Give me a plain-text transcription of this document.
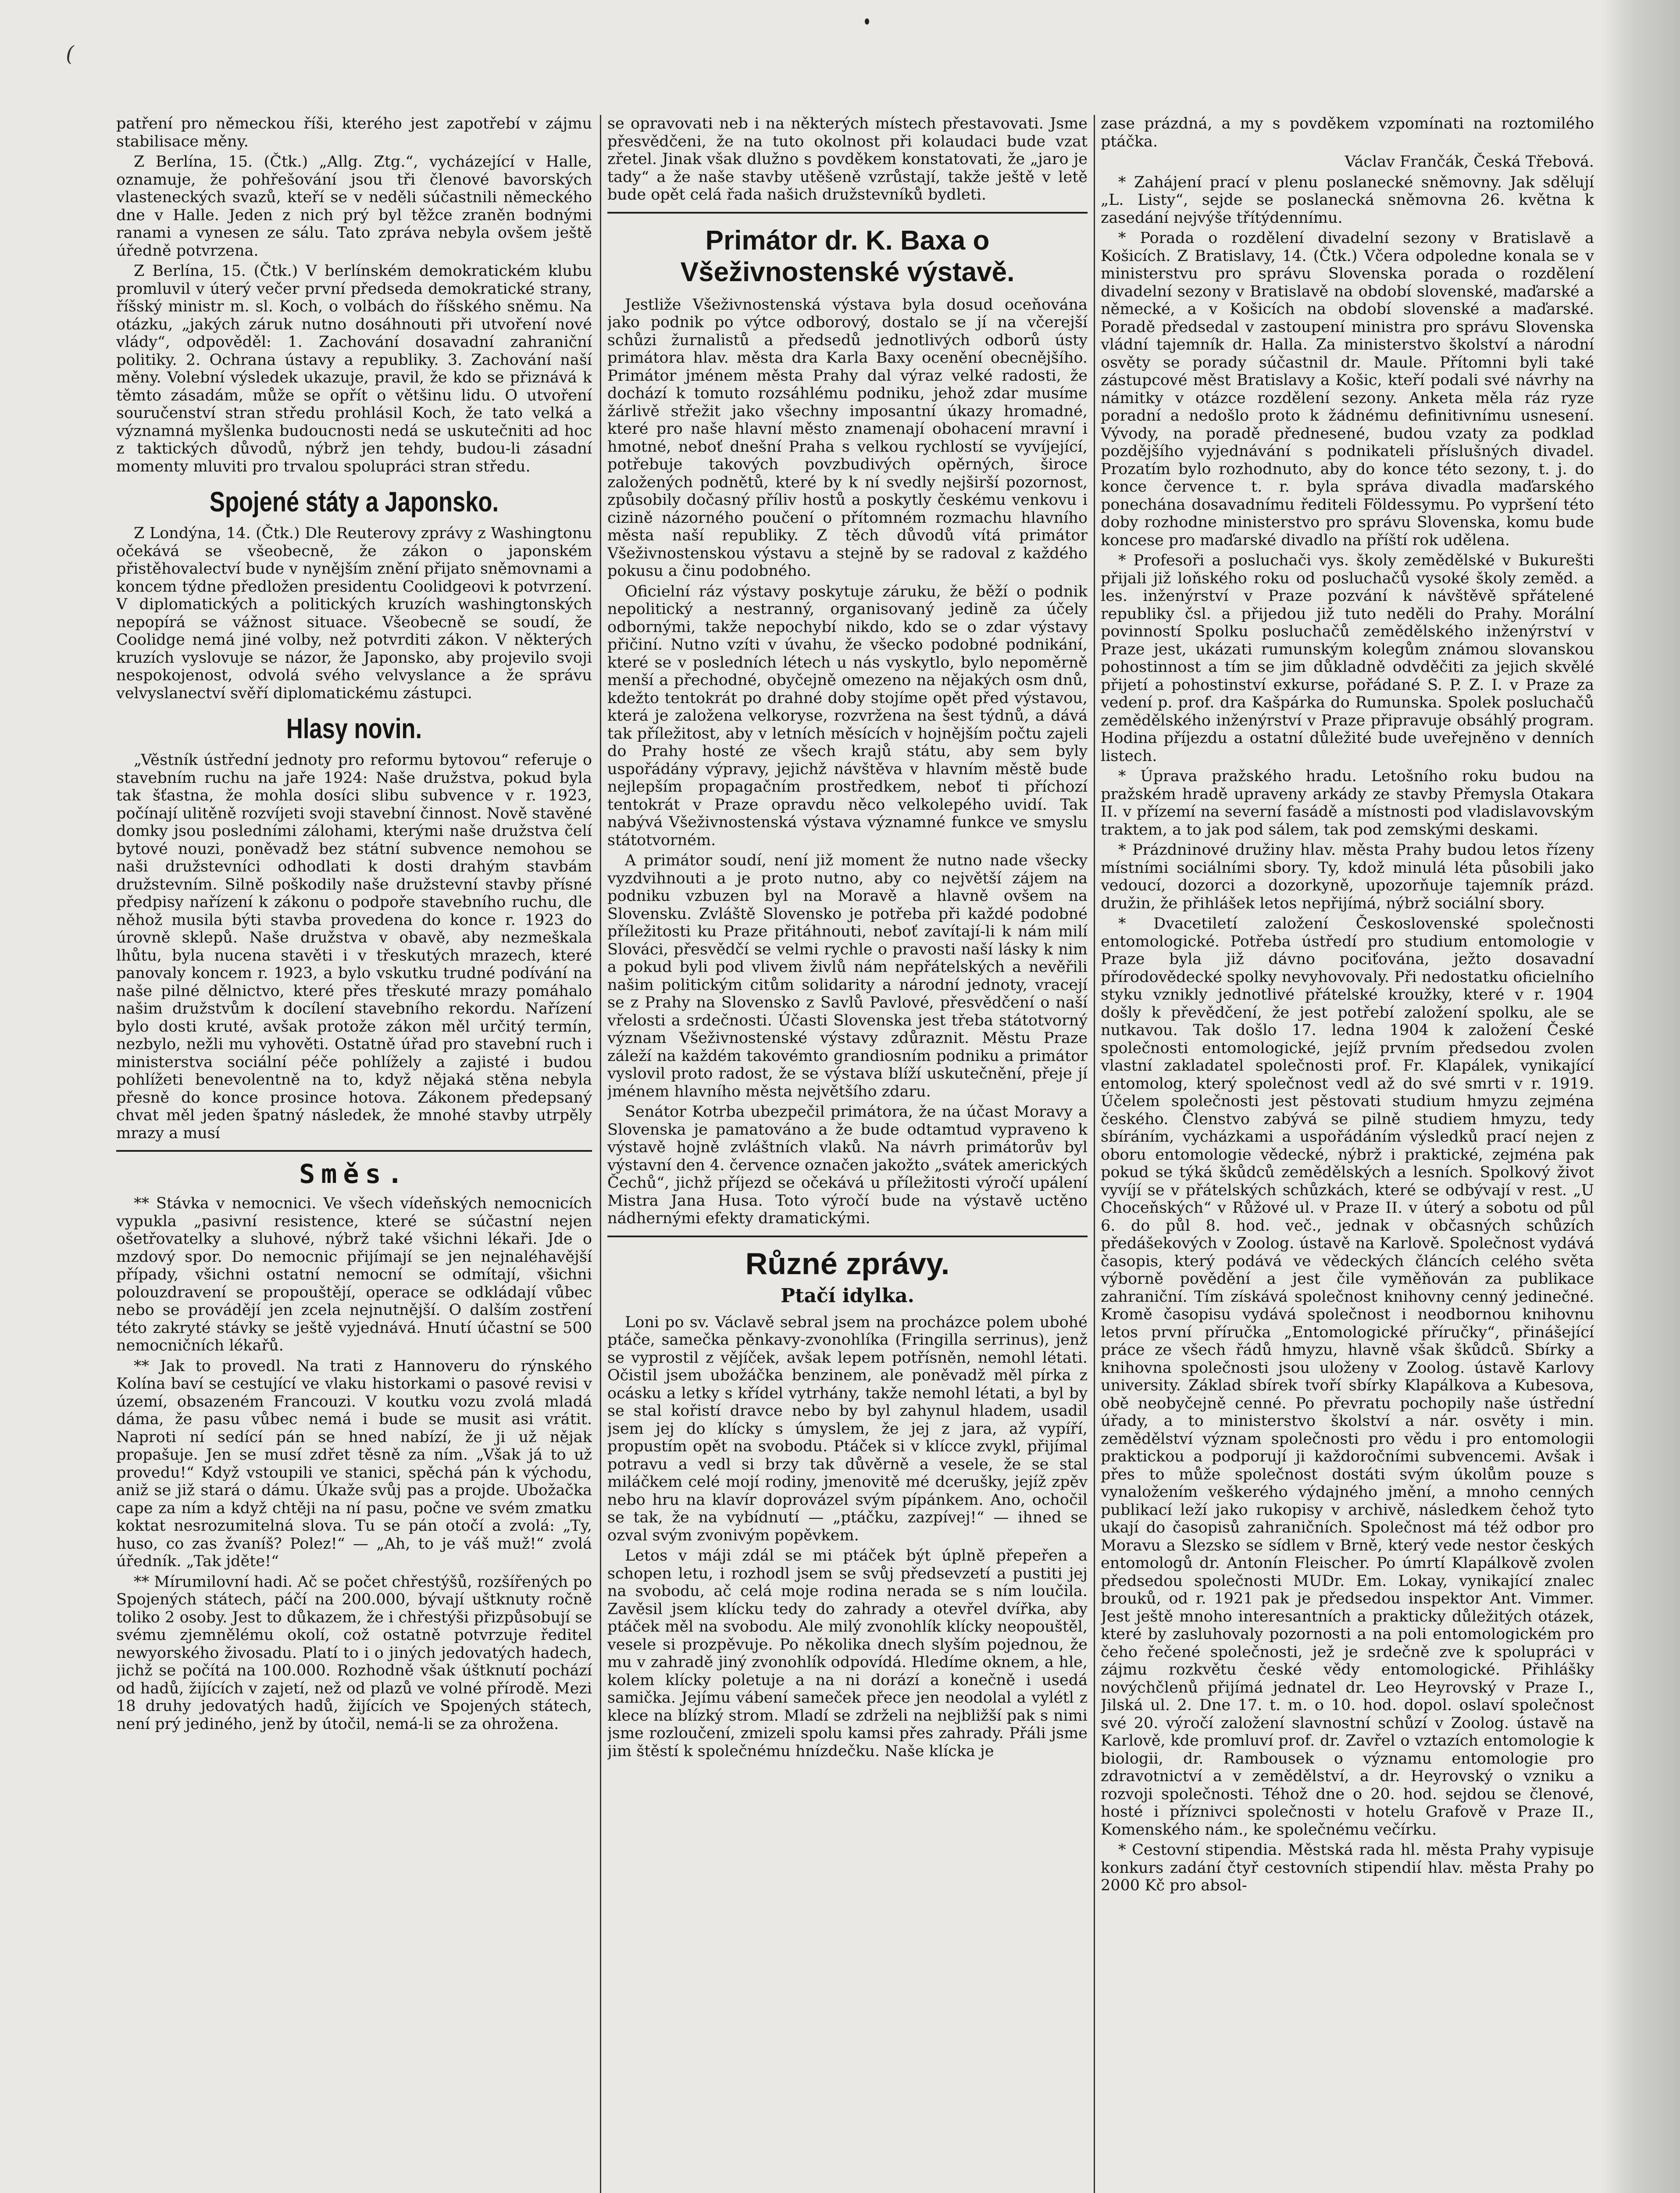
(

patření pro německou říši, kterého jest zapotřebí v zájmu stabilisace měny.

Z Berlína, 15. (Čtk.) „Allg. Ztg.“, vycházející v Halle, oznamuje, že pohřešování jsou tři členové bavorských vlasteneckých svazů, kteří se v neděli súčastnili německého dne v Halle. Jeden z nich prý byl těžce zraněn bodnými ranami a vynesen ze sálu. Tato zpráva nebyla ovšem ještě úředně potvrzena.

Z Berlína, 15. (Čtk.) V berlínském demokratickém klubu promluvil v úterý večer první předseda demokratické strany, říšský ministr m. sl. Koch, o volbách do říšského sněmu. Na otázku, „jakých záruk nutno dosáhnouti při utvoření nové vlády“, odpověděl: 1. Zachování dosavadní zahraniční politiky. 2. Ochrana ústavy a republiky. 3. Zachování naší měny. Volební výsledek ukazuje, pravil, že kdo se přiznává k těmto zásadám, může se opřít o většinu lidu. O utvoření souručenství stran středu prohlásil Koch, že tato velká a významná myšlenka budoucnosti nedá se uskutečniti ad hoc z taktických důvodů, nýbrž jen tehdy, budou-li zásadní momenty mluviti pro trvalou spolupráci stran středu.

Spojené státy a Japonsko.

Z Londýna, 14. (Čtk.) Dle Reuterovy zprávy z Washingtonu očekává se všeobecně, že zákon o japonském přistěhovalectví bude v nynějším znění přijato sněmovnami a koncem týdne předložen presidentu Coolidgeovi k potvrzení. V diplomatických a politických kruzích washingtonských nepopírá se vážnost situace. Všeobecně se soudí, že Coolidge nemá jiné volby, než potvrditi zákon. V některých kruzích vyslovuje se názor, že Japonsko, aby projevilo svoji nespokojenost, odvolá svého velvyslance a že správu velvyslanectví svěří diplomatickému zástupci.

Hlasy novin.

„Věstník ústřední jednoty pro reformu bytovou“ referuje o stavebním ruchu na jaře 1924: Naše družstva, pokud byla tak šťastna, že mohla dosíci slibu subvence v r. 1923, počínají ulitěně rozvíjeti svoji stavební činnost. Nově stavěné domky jsou posledními zálohami, kterými naše družstva čelí bytové nouzi, poněvadž bez státní subvence nemohou se naši družstevníci odhodlati k dosti drahým stavbám družstevním. Silně poškodily naše družstevní stavby přísné předpisy nařízení k zákonu o podpoře stavebního ruchu, dle něhož musila býti stavba provedena do konce r. 1923 do úrovně sklepů. Naše družstva v obavě, aby nezmeškala lhůtu, byla nucena stavěti i v třeskutých mrazech, které panovaly koncem r. 1923, a bylo vskutku trudné podívání na naše pilné dělnictvo, které přes třeskuté mrazy pomáhalo našim družstvům k docílení stavebního rekordu. Nařízení bylo dosti kruté, avšak protože zákon měl určitý termín, nezbylo, nežli mu vyhověti. Ostatně úřad pro stavební ruch i ministerstva sociální péče pohlížely a zajisté i budou pohlížeti benevolentně na to, když nějaká stěna nebyla přesně do konce prosince hotova. Zákonem předepsaný chvat měl jeden špatný následek, že mnohé stavby utrpěly mrazy a musí

Směs.

** Stávka v nemocnici. Ve všech vídeňských nemocnicích vypukla „pasivní resistence, které se súčastní nejen ošetřovatelky a sluhové, nýbrž také všichni lékaři. Jde o mzdový spor. Do nemocnic přijímají se jen nejnaléhavější případy, všichni ostatní nemocní se odmítají, všichni polouzdravení se propouštějí, operace se odkládají vůbec nebo se provádějí jen zcela nejnutnější. O dalším zostření této zakryté stávky se ještě vyjednává. Hnutí účastní se 500 nemocničních lékařů.

** Jak to provedl. Na trati z Hannoveru do rýnského Kolína baví se cestující ve vlaku historkami o pasové revisi v území, obsazeném Francouzi. V koutku vozu zvolá mladá dáma, že pasu vůbec nemá i bude se musit asi vrátit. Naproti ní sedící pán se hned nabízí, že ji už nějak propašuje. Jen se musí zdřet těsně za ním. „Však já to už provedu!“ Když vstoupili ve stanici, spěchá pán k východu, aniž se již stará o dámu. Úkaže svůj pas a projde. Ubožačka cape za ním a když chtěji na ní pasu, počne ve svém zmatku koktat nesrozumitelná slova. Tu se pán otočí a zvolá: „Ty, huso, co zas žvaníš? Polez!“ — „Ah, to je váš muž!“ zvolá úředník. „Tak jděte!“

** Mírumilovní hadi. Ač se počet chřestýšů, rozšířených po Spojených státech, páčí na 200.000, bývají uštknuty ročně toliko 2 osoby. Jest to důkazem, že i chřestýši přizpůsobují se svému zjemnělému okolí, což ostatně potvrzuje ředitel newyorského živosadu. Platí to i o jiných jedovatých hadech, jichž se počítá na 100.000. Rozhodně však úštknutí pochází od hadů, žijících v zajetí, než od plazů ve volné přírodě. Mezi 18 druhy jedovatých hadů, žijících ve Spojených státech, není prý jediného, jenž by útočil, nemá-li se za ohrožena.

se opravovati neb i na některých místech přestavovati. Jsme přesvědčeni, že na tuto okolnost při kolaudaci bude vzat zřetel. Jinak však dlužno s povděkem konstatovati, že „jaro je tady“ a že naše stavby utěšeně vzrůstají, takže ještě v letě bude opět celá řada našich družstevníků bydleti.

Primátor dr. K. Baxa o Všeživnostenské výstavě.

Jestliže Všeživnostenská výstava byla dosud oceňována jako podnik po výtce odborový, dostalo se jí na včerejší schůzi žurnalistů a předsedů jednotlivých odborů ústy primátora hlav. města dra Karla Baxy ocenění obecnějšího. Primátor jménem města Prahy dal výraz velké radosti, že dochází k tomuto rozsáhlému podniku, jehož zdar musíme žárlivě střežit jako všechny imposantní úkazy hromadné, které pro naše hlavní město znamenají obohacení mravní i hmotné, neboť dnešní Praha s velkou rychlostí se vyvíjející, potřebuje takových povzbudivých opěrných, široce založených podnětů, které by k ní svedly nejširší pozornost, způsobily dočasný příliv hostů a poskytly českému venkovu i cizině názorného poučení o přítomném rozmachu hlavního města naší republiky. Z těch důvodů vítá primátor Všeživnostenskou výstavu a stejně by se radoval z každého pokusu a činu podobného.

Oficielní ráz výstavy poskytuje záruku, že běží o podnik nepolitický a nestranný, organisovaný jedině za účely odbornými, takže nepochybí nikdo, kdo se o zdar výstavy přičiní. Nutno vzíti v úvahu, že všecko podobné podnikání, které se v posledních létech u nás vyskytlo, bylo nepoměrně menší a přechodné, obyčejně omezeno na nějakých osm dnů, kdežto tentokrát po drahné doby stojíme opět před výstavou, která je založena velkoryse, rozvržena na šest týdnů, a dává tak příležitost, aby v letních měsících v hojnějším počtu zajeli do Prahy hosté ze všech krajů státu, aby sem byly uspořádány výpravy, jejichž návštěva v hlavním městě bude nejlepším propagačním prostředkem, neboť ti příchozí tentokrát v Praze opravdu něco velkolepého uvidí. Tak nabývá Všeživnostenská výstava významné funkce ve smyslu státotvorném.

A primátor soudí, není již moment že nutno nade všecky vyzdvihnouti a je proto nutno, aby co největší zájem na podniku vzbuzen byl na Moravě a hlavně ovšem na Slovensku. Zvláště Slovensko je potřeba při každé podobné příležitosti ku Praze přitáhnouti, neboť zavítají-li k nám milí Slováci, přesvědčí se velmi rychle o pravosti naší lásky k nim a pokud byli pod vlivem živlů nám nepřátelských a nevěřili našim politickým citům solidarity a národní jednoty, vracejí se z Prahy na Slovensko z Savlů Pavlové, přesvědčení o naší vřelosti a srdečnosti. Účasti Slovenska jest třeba státotvorný význam Všeživnostenské výstavy zdůraznit. Městu Praze záleží na každém takovémto grandiosním podniku a primátor vyslovil proto radost, že se výstava blíží uskutečnění, přeje jí jménem hlavního města největšího zdaru.

Senátor Kotrba ubezpečil primátora, že na účast Moravy a Slovenska je pamatováno a že bude odtamtud vypraveno k výstavě hojně zvláštních vlaků. Na návrh primátorův byl výstavní den 4. července označen jakožto „svátek amerických Čechů“, jichž příjezd se očekává u příležitosti výročí upálení Mistra Jana Husa. Toto výročí bude na výstavě uctěno nádhernými efekty dramatickými.

Různé zprávy.
Ptačí idylka.

Loni po sv. Václavě sebral jsem na procházce polem ubohé ptáče, samečka pěnkavy-zvonohlíka (Fringilla serrinus), jenž se vyprostil z vějíček, avšak lepem potřísněn, nemohl létati. Očistil jsem ubožáčka benzinem, ale poněvadž měl pírka z ocásku a letky s křídel vytrhány, takže nemohl létati, a byl by se stal kořistí dravce nebo by byl zahynul hladem, usadil jsem jej do klícky s úmyslem, že jej z jara, až vypíří, propustím opět na svobodu. Ptáček si v klícce zvykl, přijímal potravu a vedl si brzy tak důvěrně a vesele, že se stal miláčkem celé mojí rodiny, jmenovitě mé dcerušky, jejíž zpěv nebo hru na klavír doprovázel svým pípánkem. Ano, ochočil se tak, že na vybídnutí — „ptáčku, zazpívej!“ — ihned se ozval svým zvonivým popěvkem.

Letos v máji zdál se mi ptáček být úplně přepeřen a schopen letu, i rozhodl jsem se svůj předsevzetí a pustiti jej na svobodu, ač celá moje rodina nerada se s ním loučila. Zavěsil jsem klícku tedy do zahrady a otevřel dvířka, aby ptáček měl na svobodu. Ale milý zvonohlík klícky neopouštěl, vesele si prozpěvuje. Po několika dnech slyším pojednou, že mu v zahradě jiný zvonohlík odpovídá. Hledíme oknem, a hle, kolem klícky poletuje a na ni dorází a konečně i usedá samička. Jejímu vábení sameček přece jen neodolal a vylétl z klece na blízký strom. Mladí se zdrželi na nejbližší pak s nimi jsme rozloučení, zmizeli spolu kamsi přes zahrady. Přáli jsme jim štěstí k společnému hnízdečku. Naše klícka je

zase prázdná, a my s povděkem vzpomínati na roztomilého ptáčka.

Václav Frančák, Česká Třebová.

* Zahájení prací v plenu poslanecké sněmovny. Jak sdělují „L. Listy“, sejde se poslanecká sněmovna 26. května k zasedání nejvýše třítýdennímu.

* Porada o rozdělení divadelní sezony v Bratislavě a Košicích. Z Bratislavy, 14. (Čtk.) Včera odpoledne konala se v ministerstvu pro správu Slovenska porada o rozdělení divadelní sezony v Bratislavě na období slovenské, maďarské a německé, a v Košicích na období slovenské a maďarské. Poradě předsedal v zastoupení ministra pro správu Slovenska vládní tajemník dr. Halla. Za ministerstvo školství a národní osvěty se porady súčastnil dr. Maule. Přítomni byli také zástupcové měst Bratislavy a Košic, kteří podali své návrhy na námitky v otázce rozdělení sezony. Anketa měla ráz ryze poradní a nedošlo proto k žádnému definitivnímu usnesení. Vývody, na poradě přednesené, budou vzaty za podklad pozdějšího vyjednávání s podnikateli příslušných divadel. Prozatím bylo rozhodnuto, aby do konce této sezony, t. j. do konce července t. r. byla správa divadla maďarského ponechána dosavadnímu řediteli Földessymu. Po vypršení této doby rozhodne ministerstvo pro správu Slovenska, komu bude koncese pro maďarské divadlo na příští rok udělena.

* Profesoři a posluchači vys. školy zemědělské v Bukurešti přijali již loňského roku od posluchačů vysoké školy zeměd. a les. inženýrství v Praze pozvání k návštěvě spřátelené republiky čsl. a přijedou již tuto neděli do Prahy. Morální povinností Spolku posluchačů zemědělského inženýrství v Praze jest, ukázati rumunským kolegům známou slovanskou pohostinnost a tím se jim důkladně odvděčiti za jejich skvělé přijetí a pohostinství exkurse, pořádané S. P. Z. I. v Praze za vedení p. prof. dra Kašpárka do Rumunska. Spolek posluchačů zemědělského inženýrství v Praze připravuje obsáhlý program. Hodina příjezdu a ostatní důležité bude uveřejněno v denních listech.

* Úprava pražského hradu. Letošního roku budou na pražském hradě upraveny arkády ze stavby Přemysla Otakara II. v přízemí na severní fasádě a místnosti pod vladislavovským traktem, a to jak pod sálem, tak pod zemskými deskami.

* Prázdninové družiny hlav. města Prahy budou letos řízeny místními sociálními sbory. Ty, kdož minulá léta působili jako vedoucí, dozorci a dozorkyně, upozorňuje tajemník prázd. družin, že přihlášek letos nepřijímá, nýbrž sociální sbory.

* Dvacetiletí založení Československé společnosti entomologické. Potřeba ústředí pro studium entomologie v Praze byla již dávno pociťována, ježto dosavadní přírodovědecké spolky nevyhovovaly. Při nedostatku oficielního styku vznikly jednotlivé přátelské kroužky, které v r. 1904 došly k převědčení, že jest potřebí založení spolku, ale se nutkavou. Tak došlo 17. ledna 1904 k založení České společnosti entomologické, jejíž prvním předsedou zvolen vlastní zakladatel společnosti prof. Fr. Klapálek, vynikající entomolog, který společnost vedl až do své smrti v r. 1919. Účelem společnosti jest pěstovati studium hmyzu zejména českého. Členstvo zabývá se pilně studiem hmyzu, tedy sbíráním, vycházkami a uspořádáním výsledků prací nejen z oboru entomologie vědecké, nýbrž i praktické, zejména pak pokud se týká škůdců zemědělských a lesních. Spolkový život vyvíjí se v přátelských schůzkách, které se odbývají v rest. „U Choceňských“ v Růžové ul. v Praze II. v úterý a sobotu od půl 6. do půl 8. hod. več., jednak v občasných schůzích předášekových v Zoolog. ústavě na Karlově. Společnost vydává časopis, který podává ve vědeckých článcích celého světa výborně povědění a jest čile vyměňován za publikace zahraniční. Tím získává společnost knihovny cenný jedinečné. Kromě časopisu vydává společnost i neodbornou knihovnu letos první příručka „Entomologické příručky“, přinášející práce ze všech řádů hmyzu, hlavně však škůdců. Sbírky a knihovna společnosti jsou uloženy v Zoolog. ústavě Karlovy university. Základ sbírek tvoří sbírky Klapálkova a Kubesova, obě neobyčejně cenné. Po převratu pochopily naše ústřední úřady, a to ministerstvo školství a nár. osvěty i min. zemědělství význam společnosti pro vědu i pro entomologii praktickou a podporují ji každoročními subvencemi. Avšak i přes to může společnost dostáti svým úkolům pouze s vynaložením veškerého výdajného jmění, a mnoho cenných publikací leží jako rukopisy v archivě, následkem čehož tyto ukají do časopisů zahraničních. Společnost má též odbor pro Moravu a Slezsko se sídlem v Brně, který vede nestor českých entomologů dr. Antonín Fleischer. Po úmrtí Klapálkově zvolen předsedou společnosti MUDr. Em. Lokay, vynikající znalec brouků, od r. 1921 pak je předsedou inspektor Ant. Vimmer. Jest ještě mnoho interesantních a prakticky důležitých otázek, které by zasluhovaly pozornosti a na poli entomologickém pro čeho řečené společnosti, jež je srdečně zve k spolupráci v zájmu rozkvětu české vědy entomologické. Přihlášky novýchčlenů přijímá jednatel dr. Leo Heyrovský v Praze I., Jilská ul. 2. Dne 17. t. m. o 10. hod. dopol. oslaví společnost své 20. výročí založení slavnostní schůzí v Zoolog. ústavě na Karlově, kde promluví prof. dr. Zavřel o vztazích entomologie k biologii, dr. Rambousek o významu entomologie pro zdravotnictví a v zemědělství, a dr. Heyrovský o vzniku a rozvoji společnosti. Téhož dne o 20. hod. sejdou se členové, hosté i příznivci společnosti v hotelu Grafově v Praze II., Komenského nám., ke společnému večírku.

* Cestovní stipendia. Městská rada hl. města Prahy vypisuje konkurs zadání čtyř cestovních stipendií hlav. města Prahy po 2000 Kč pro absol-
